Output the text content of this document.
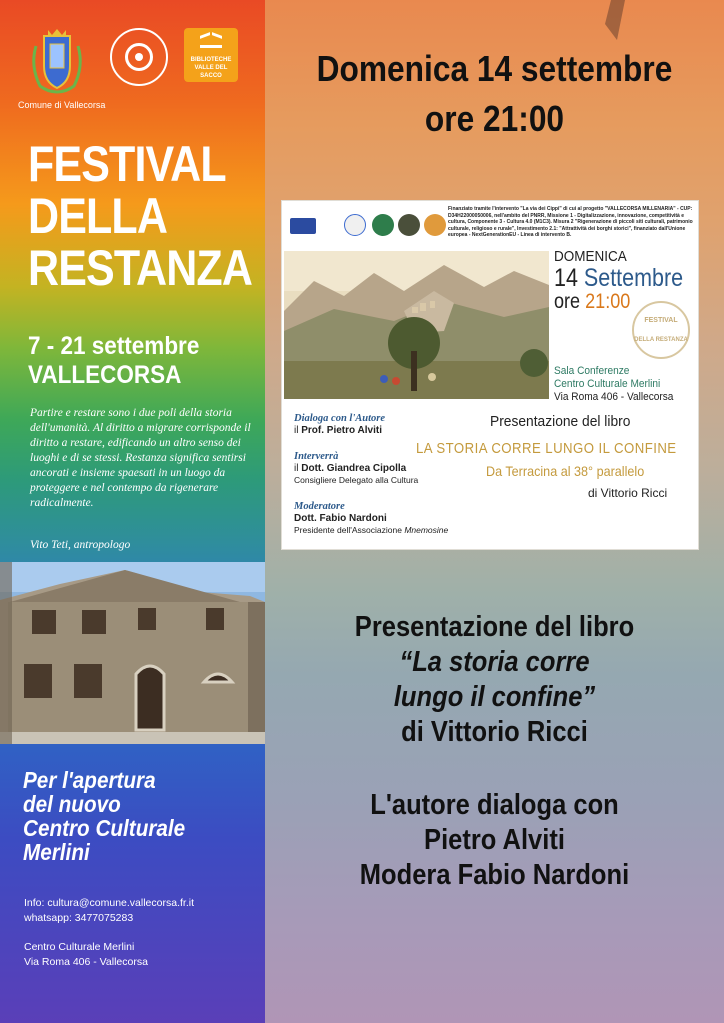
Comune di Vallecorsa
BIBLIOTECHE VALLE DEL SACCO
FESTIVAL
DELLA
RESTANZA
7 - 21 settembre
VALLECORSA
Partire e restare sono i due poli della storia dell'umanità. Al diritto a migrare corrisponde il diritto a restare, edificando un altro senso dei luoghi e di se stessi. Restanza significa sentirsi ancorati e insieme spaesati in un luogo da proteggere e nel contempo da rigenerare radicalmente.
Vito Teti, antropologo
Per l'apertura
del nuovo
Centro Culturale
Merlini
Info: cultura@comune.vallecorsa.fr.it
whatsapp: 3477075283
Centro Culturale Merlini
Via Roma 406 - Vallecorsa
Domenica 14 settembre
ore 21:00
Finanziato tramite l'intervento "La via dei Cippi" di cui al progetto "VALLECORSA MILLENARIA" - CUP: D34H22000050006, nell'ambito del PNRR, Missione 1 - Digitalizzazione, innovazione, competitività e cultura, Componente 3 - Cultura 4.0 (M1C3). Misura 2 "Rigenerazione di piccoli siti culturali, patrimonio culturale, religioso e rurale", Investimento 2.1: "Attrattività dei borghi storici", finanziato dall'Unione europea - NextGenerationEU - Linea di intervento B.
DOMENICA
14 Settembre
ore 21:00
FESTIVAL
DELLA RESTANZA
Sala Conferenze
Centro Culturale Merlini
Via Roma 406 - Vallecorsa
Dialoga con l'Autore
il Prof. Pietro Alviti
Interverrà
il Dott. Giandrea Cipolla
Consigliere Delegato alla Cultura
Moderatore
Dott. Fabio Nardoni
Presidente dell'Associazione Mnemosine
Presentazione del libro
LA STORIA CORRE LUNGO IL CONFINE
Da Terracina al 38° parallelo
di Vittorio Ricci
Presentazione del libro
“La storia corre
lungo il confine”
di Vittorio Ricci
L'autore dialoga con
Pietro Alviti
Modera Fabio Nardoni
